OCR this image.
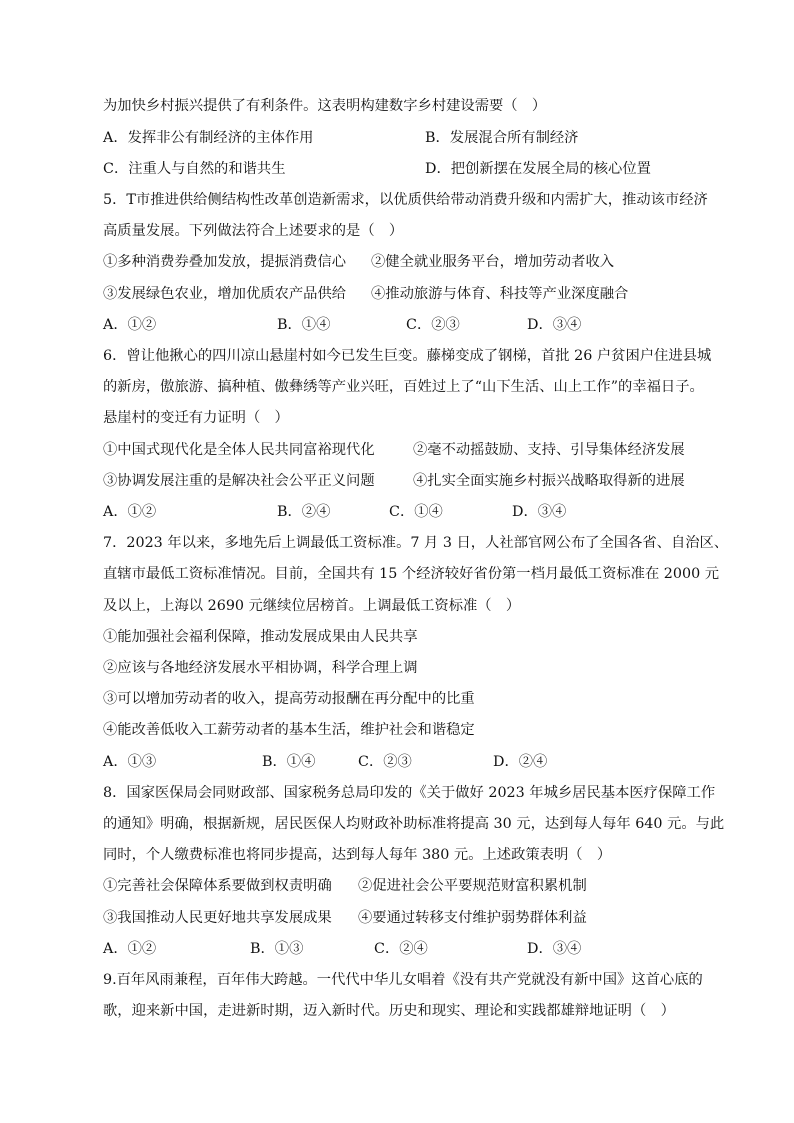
为加快乡村振兴提供了有利条件。这表明构建数字乡村建设需要（　）
A．发挥非公有制经济的主体作用	B．发展混合所有制经济
C．注重人与自然的和谐共生	D．把创新摆在发展全局的核心位置
5．T市推进供给侧结构性改革创造新需求，以优质供给带动消费升级和内需扩大，推动该市经济
高质量发展。下列做法符合上述要求的是（　）
①多种消费券叠加发放，提振消费信心 ②健全就业服务平台，增加劳动者收入
③发展绿色农业，增加优质农产品供给 ④推动旅游与体育、科技等产业深度融合
A．①②	B．①④	C．②③	D．③④
6．曾让他揪心的四川凉山悬崖村如今已发生巨变。藤梯变成了钢梯，首批 26 户贫困户住进县城
的新房，傲旅游、搞种植、傲彝绣等产业兴旺，百姓过上了“山下生活、山上工作”的幸福日子。
悬崖村的变迁有力证明（　）
①中国式现代化是全体人民共同富裕现代化	②毫不动摇鼓励、支持、引导集体经济发展
③协调发展注重的是解决社会公平正义问题	④扎实全面实施乡村振兴战略取得新的进展
A．①②	B．②④	C．①④	D．③④
7．2023 年以来，多地先后上调最低工资标准。7 月 3 日，人社部官网公布了全国各省、自治区、
直辖市最低工资标准情况。目前，全国共有 15 个经济较好省份第一档月最低工资标准在 2000 元
及以上，上海以 2690 元继续位居榜首。上调最低工资标准（　）
①能加强社会福利保障，推动发展成果由人民共享
②应该与各地经济发展水平相协调，科学合理上调
③可以增加劳动者的收入，提高劳动报酬在再分配中的比重
④能改善低收入工薪劳动者的基本生活，维护社会和谐稳定
A．①③	B．①④	C．②③	D．②④
8．国家医保局会同财政部、国家税务总局印发的《关于做好 2023 年城乡居民基本医疗保障工作
的通知》明确，根据新规，居民医保人均财政补助标准将提高 30 元，达到每人每年 640 元。与此
同时，个人缴费标准也将同步提高，达到每人每年 380 元。上述政策表明（　）
①完善社会保障体系要做到权责明确 ②促进社会公平要规范财富积累机制
③我国推动人民更好地共享发展成果 ④要通过转移支付维护弱势群体利益
A．①②	B．①③	C．②④	D．③④
9.百年风雨兼程，百年伟大跨越。一代代中华儿女唱着《没有共产党就没有新中国》这首心底的
歌，迎来新中国，走进新时期，迈入新时代。历史和现实、理论和实践都雄辩地证明（　）
